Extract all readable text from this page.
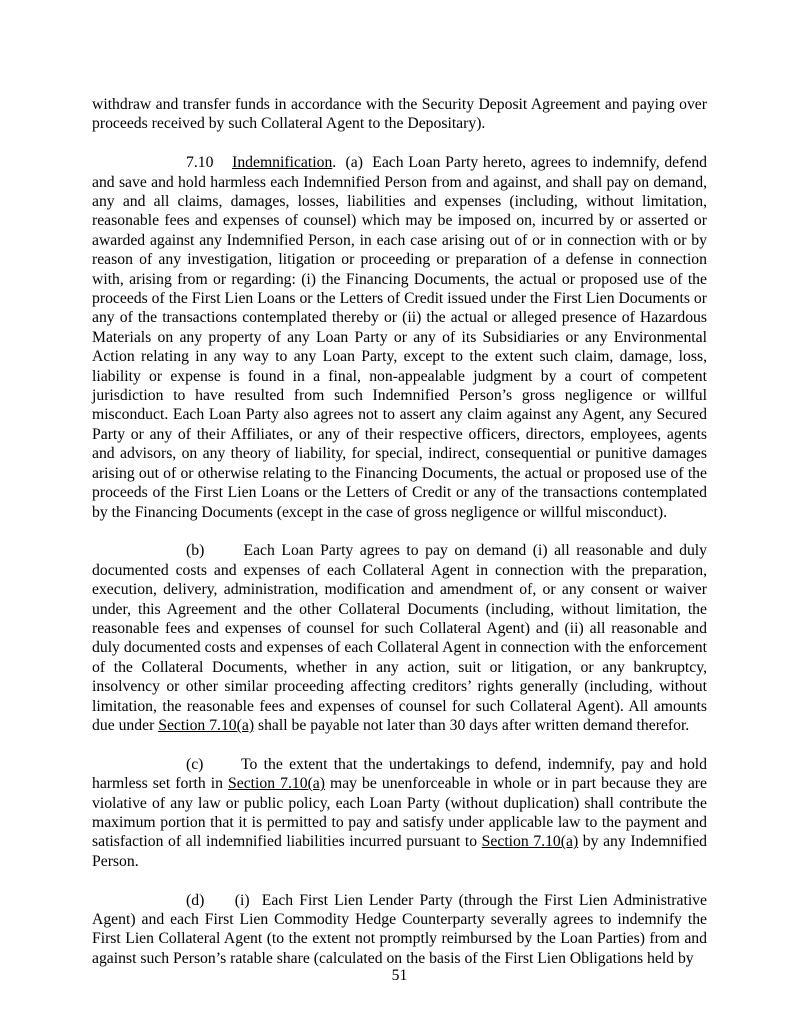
withdraw and transfer funds in accordance with the Security Deposit Agreement and paying over proceeds received by such Collateral Agent to the Depositary).

7.10    Indemnification.  (a)  Each Loan Party hereto, agrees to indemnify, defend and save and hold harmless each Indemnified Person from and against, and shall pay on demand, any and all claims, damages, losses, liabilities and expenses (including, without limitation, reasonable fees and expenses of counsel) which may be imposed on, incurred by or asserted or awarded against any Indemnified Person, in each case arising out of or in connection with or by reason of any investigation, litigation or proceeding or preparation of a defense in connection with, arising from or regarding: (i) the Financing Documents, the actual or proposed use of the proceeds of the First Lien Loans or the Letters of Credit issued under the First Lien Documents or any of the transactions contemplated thereby or (ii) the actual or alleged presence of Hazardous Materials on any property of any Loan Party or any of its Subsidiaries or any Environmental Action relating in any way to any Loan Party, except to the extent such claim, damage, loss, liability or expense is found in a final, non-appealable judgment by a court of competent jurisdiction to have resulted from such Indemnified Person’s gross negligence or willful misconduct. Each Loan Party also agrees not to assert any claim against any Agent, any Secured Party or any of their Affiliates, or any of their respective officers, directors, employees, agents and advisors, on any theory of liability, for special, indirect, consequential or punitive damages arising out of or otherwise relating to the Financing Documents, the actual or proposed use of the proceeds of the First Lien Loans or the Letters of Credit or any of the transactions contemplated by the Financing Documents (except in the case of gross negligence or willful misconduct).

(b)      Each Loan Party agrees to pay on demand (i) all reasonable and duly documented costs and expenses of each Collateral Agent in connection with the preparation, execution, delivery, administration, modification and amendment of, or any consent or waiver under, this Agreement and the other Collateral Documents (including, without limitation, the reasonable fees and expenses of counsel for such Collateral Agent) and (ii) all reasonable and duly documented costs and expenses of each Collateral Agent in connection with the enforcement of the Collateral Documents, whether in any action, suit or litigation, or any bankruptcy, insolvency or other similar proceeding affecting creditors’ rights generally (including, without limitation, the reasonable fees and expenses of counsel for such Collateral Agent). All amounts due under Section 7.10(a) shall be payable not later than 30 days after written demand therefor.

(c)      To the extent that the undertakings to defend, indemnify, pay and hold harmless set forth in Section 7.10(a) may be unenforceable in whole or in part because they are violative of any law or public policy, each Loan Party (without duplication) shall contribute the maximum portion that it is permitted to pay and satisfy under applicable law to the payment and satisfaction of all indemnified liabilities incurred pursuant to Section 7.10(a) by any Indemnified Person.

(d)     (i)  Each First Lien Lender Party (through the First Lien Administrative Agent) and each First Lien Commodity Hedge Counterparty severally agrees to indemnify the First Lien Collateral Agent (to the extent not promptly reimbursed by the Loan Parties) from and against such Person’s ratable share (calculated on the basis of the First Lien Obligations held by

51
